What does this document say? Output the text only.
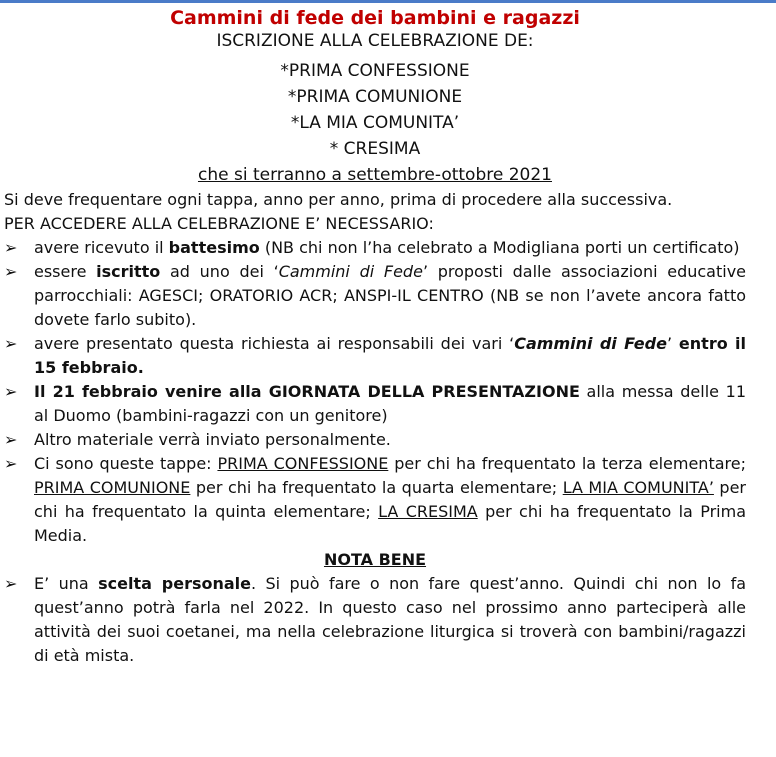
Cammini di fede dei bambini e ragazzi

ISCRIZIONE ALLA CELEBRAZIONE DE:

*PRIMA CONFESSIONE

*PRIMA COMUNIONE

*LA MIA COMUNITA’

* CRESIMA

che si terranno a settembre-ottobre 2021

Si deve frequentare ogni tappa, anno per anno, prima di procedere alla successiva.

PER ACCEDERE ALLA CELEBRAZIONE E’ NECESSARIO:

➢ avere ricevuto il battesimo (NB chi non l’ha celebrato a Modigliana porti un certificato)
➢ essere iscritto ad uno dei ‘Cammini di Fede’ proposti dalle associazioni educative parrocchiali: AGESCI; ORATORIO ACR; ANSPI-IL CENTRO (NB se non l’avete ancora fatto dovete farlo subito).
➢ avere presentato questa richiesta ai responsabili dei vari ‘Cammini di Fede’ entro il 15 febbraio.
➢ Il 21 febbraio venire alla GIORNATA DELLA PRESENTAZIONE alla messa delle 11 al Duomo (bambini-ragazzi con un genitore)
➢ Altro materiale verrà inviato personalmente.
➢ Ci sono queste tappe: PRIMA CONFESSIONE per chi ha frequentato la terza elementare; PRIMA COMUNIONE per chi ha frequentato la quarta elementare; LA MIA COMUNITA’ per chi ha frequentato la quinta elementare; LA CRESIMA per chi ha frequentato la Prima Media.

NOTA BENE

➢ E’ una scelta personale. Si può fare o non fare quest’anno. Quindi chi non lo fa quest’anno potrà farla nel 2022. In questo caso nel prossimo anno parteciperà alle attività dei suoi coetanei, ma nella celebrazione liturgica si troverà con bambini/ragazzi di età mista.
